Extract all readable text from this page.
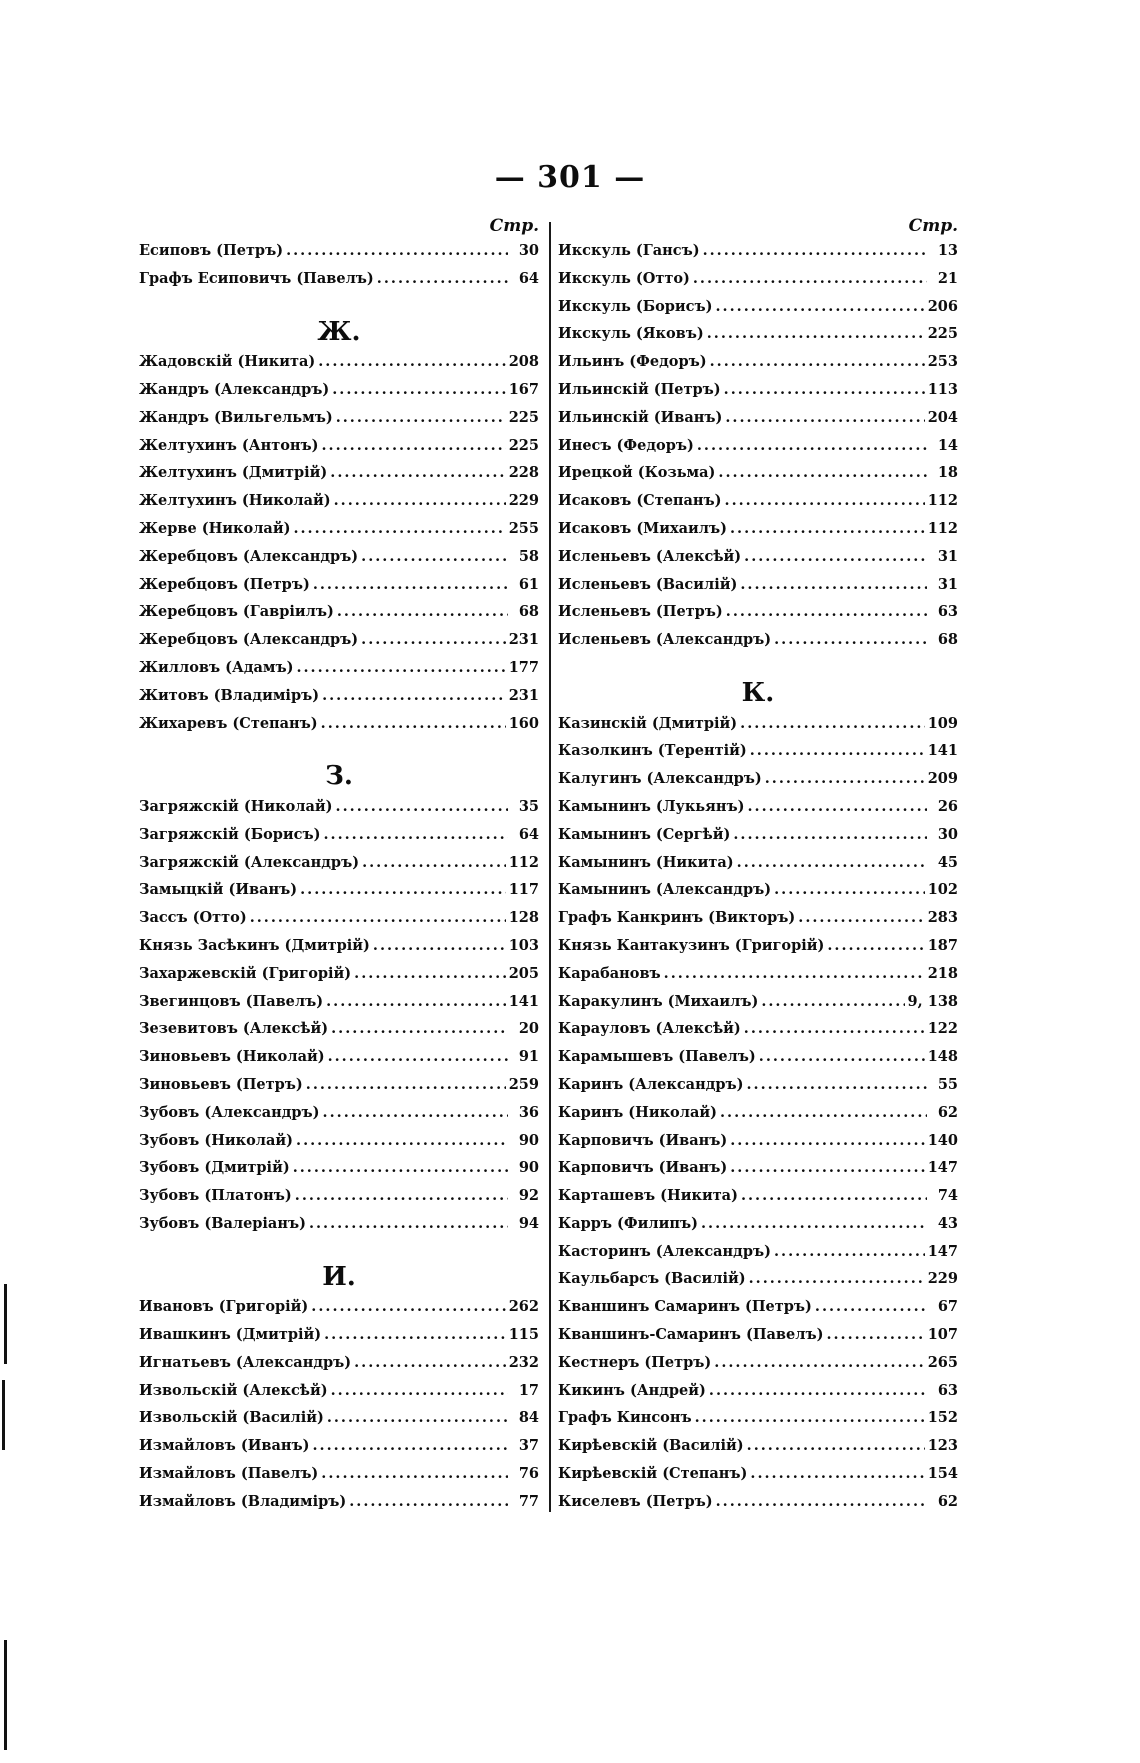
— 301 —
Стр.
Есиповъ (Петръ) .....	30
Графъ Есиповичъ (Павелъ) .....	64
Ж.
Жадовскій (Никита) .....	208
Жандръ (Александръ) .....	167
Жандръ (Вильгельмъ) .....	225
Желтухинъ (Антонъ) .....	225
Желтухинъ (Дмитрій) .....	228
Желтухинъ (Николай) .....	229
Жерве (Николай) .....	255
Жеребцовъ (Александръ) .....	58
Жеребцовъ (Петръ) .....	61
Жеребцовъ (Гавріилъ) .....	68
Жеребцовъ (Александръ) .....	231
Жилловъ (Адамъ) .....	177
Житовъ (Владиміръ) .....	231
Жихаревъ (Степанъ) .....	160
З.
Загряжскій (Николай) .....	35
Загряжскій (Борисъ) .....	64
Загряжскій (Александръ) .....	112
Замыцкій (Иванъ) .....	117
Зассъ (Отто) .....	128
Князь Засѣкинъ (Дмитрій) .....	103
Захаржевскій (Григорій) .....	205
Звегинцовъ (Павелъ) .....	141
Зезевитовъ (Алексѣй) .....	20
Зиновьевъ (Николай) .....	91
Зиновьевъ (Петръ) .....	259
Зубовъ (Александръ) .....	36
Зубовъ (Николай) .....	90
Зубовъ (Дмитрій) .....	90
Зубовъ (Платонъ) .....	92
Зубовъ (Валеріанъ) .....	94
И.
Ивановъ (Григорій) .....	262
Ивашкинъ (Дмитрій) .....	115
Игнатьевъ (Александръ) .....	232
Извольскій (Алексѣй) .....	17
Извольскій (Василій) .....	84
Измайловъ (Иванъ) .....	37
Измайловъ (Павелъ) .....	76
Измайловъ (Владиміръ) .....	77
Стр.
Икскуль (Гансъ) .....	13
Икскуль (Отто) .....	21
Икскуль (Борисъ) .....	206
Икскуль (Яковъ) .....	225
Ильинъ (Федоръ) .....	253
Ильинскій (Петръ) .....	113
Ильинскій (Иванъ) .....	204
Инесъ (Федоръ) .....	14
Ирецкой (Козьма) .....	18
Исаковъ (Степанъ) .....	112
Исаковъ (Михаилъ) .....	112
Исленьевъ (Алексѣй) .....	31
Исленьевъ (Василій) .....	31
Исленьевъ (Петръ) .....	63
Исленьевъ (Александръ) .....	68
К.
Казинскій (Дмитрій) .....	109
Казолкинъ (Терентій) .....	141
Калугинъ (Александръ) .....	209
Камынинъ (Лукьянъ) .....	26
Камынинъ (Сергѣй) .....	30
Камынинъ (Никита) .....	45
Камынинъ (Александръ) .....	102
Графъ Канкринъ (Викторъ) .....	283
Князь Кантакузинъ (Григорій) .....	187
Карабановъ .....	218
Каракулинъ (Михаилъ) .....	9, 138
Карауловъ (Алексѣй) .....	122
Карамышевъ (Павелъ) .....	148
Каринъ (Александръ) .....	55
Каринъ (Николай) .....	62
Карповичъ (Иванъ) .....	140
Карповичъ (Иванъ) .....	147
Карташевъ (Никита) .....	74
Карръ (Филипъ) .....	43
Касторинъ (Александръ) .....	147
Каульбарсъ (Василій) .....	229
Кваншинъ Самаринъ (Петръ) .....	67
Кваншинъ-Самаринъ (Павелъ) .....	107
Кестнеръ (Петръ) .....	265
Кикинъ (Андрей) .....	63
Графъ Кинсонъ .....	152
Кирѣевскій (Василій) .....	123
Кирѣевскій (Степанъ) .....	154
Киселевъ (Петръ) .....	62
